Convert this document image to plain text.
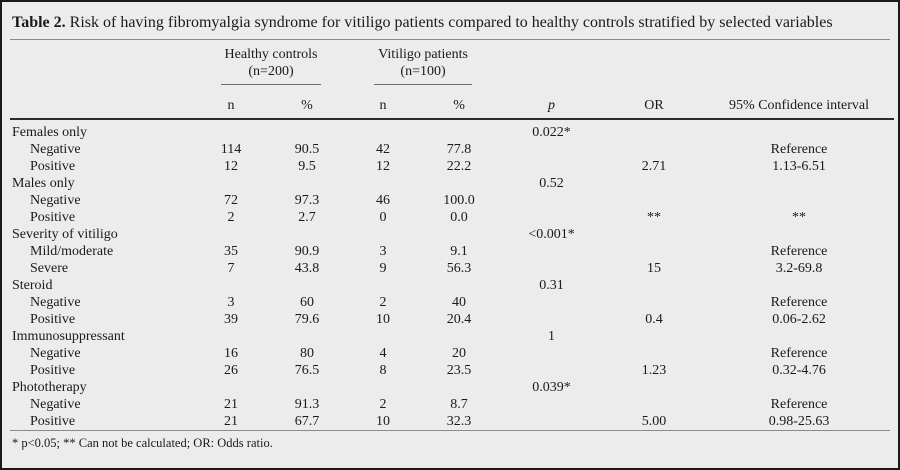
Table 2. Risk of having fibromyalgia syndrome for vitiligo patients compared to healthy controls stratified by selected variables
	Healthy controls
(n=200)		Vitiligo patients
(n=100)				
	n	%	n	%	p	OR	95% Confidence interval
Females only					0.022*		
Negative	114	90.5	42	77.8			Reference
Positive	12	9.5	12	22.2		2.71	1.13-6.51
Males only					0.52		
Negative	72	97.3	46	100.0			
Positive	2	2.7	0	0.0		**	**
Severity of vitiligo					<0.001*		
Mild/moderate	35	90.9	3	9.1			Reference
Severe	7	43.8	9	56.3		15	3.2-69.8
Steroid					0.31		
Negative	3	60	2	40			Reference
Positive	39	79.6	10	20.4		0.4	0.06-2.62
Immunosuppressant					1		
Negative	16	80	4	20			Reference
Positive	26	76.5	8	23.5		1.23	0.32-4.76
Phototherapy					0.039*		
Negative	21	91.3	2	8.7			Reference
Positive	21	67.7	10	32.3		5.00	0.98-25.63
* p<0.05; ** Can not be calculated; OR: Odds ratio.
